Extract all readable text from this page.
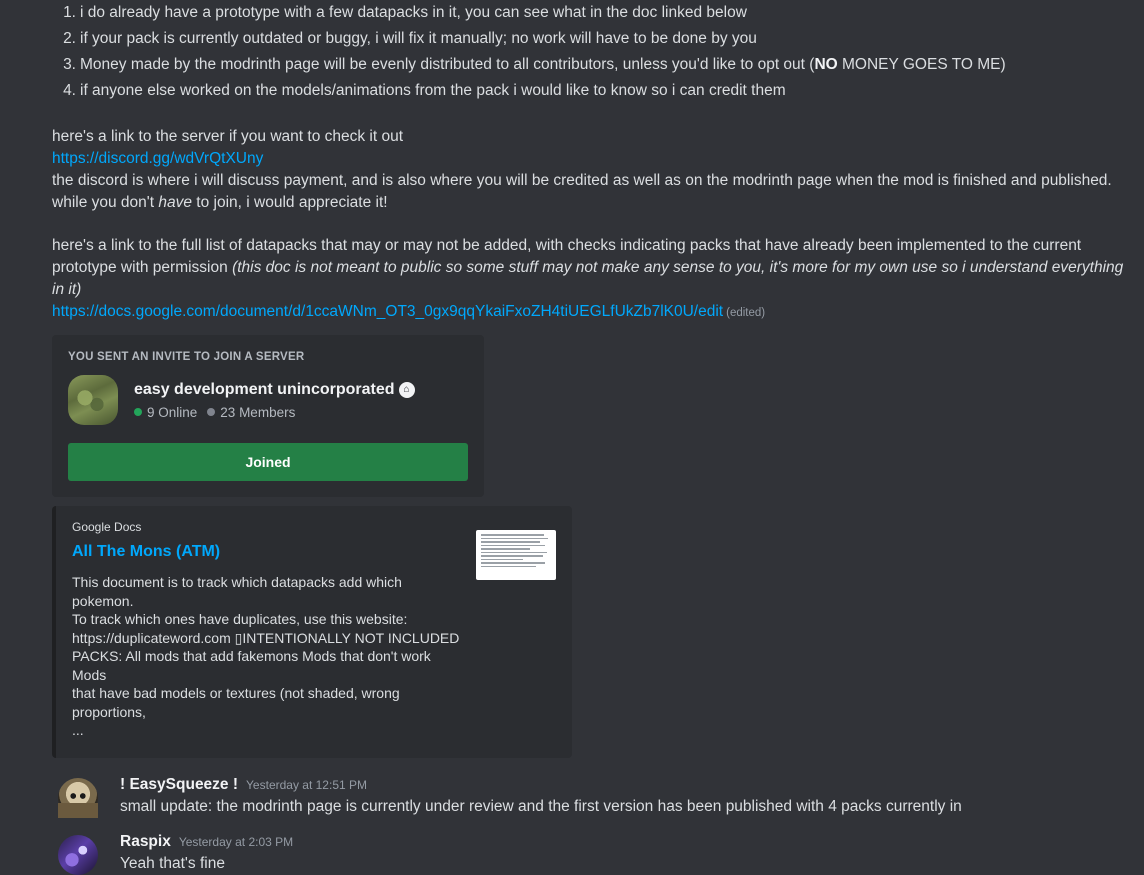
1. i do already have a prototype with a few datapacks in it, you can see what in the doc linked below
2. if your pack is currently outdated or buggy, i will fix it manually; no work will have to be done by you
3. Money made by the modrinth page will be evenly distributed to all contributors, unless you'd like to opt out (NO MONEY GOES TO ME)
4. if anyone else worked on the models/animations from the pack i would like to know so i can credit them

here's a link to the server if you want to check it out

https://discord.gg/wdVrQtXUny

the discord is where i will discuss payment, and is also where you will be credited as well as on the modrinth page when the mod is finished and published. while you don't have to join, i would appreciate it!

here's a link to the full list of datapacks that may or may not be added, with checks indicating packs that have already been implemented to the current prototype with permission (this doc is not meant to public so some stuff may not make any sense to you, it's more for my own use so i understand everything in it)

https://docs.google.com/document/d/1ccaWNm_OT3_0gx9qqYkaiFxoZH4tiUEGLfUkZb7lK0U/edit (edited)
YOU SENT AN INVITE TO JOIN A SERVER
easy development unincorporated ⌂
9 Online 23 Members
Joined
Google Docs
All The Mons (ATM)
This document is to track which datapacks add which pokemon.
To track which ones have duplicates, use this website:
https://duplicateword.com ▯INTENTIONALLY NOT INCLUDED
PACKS: All mods that add fakemons Mods that don't work Mods
that have bad models or textures (not shaded, wrong proportions,
...
! EasySqueeze ! Yesterday at 12:51 PM
small update: the modrinth page is currently under review and the first version has been published with 4 packs currently in
Raspix Yesterday at 2:03 PM
Yeah that's fine
